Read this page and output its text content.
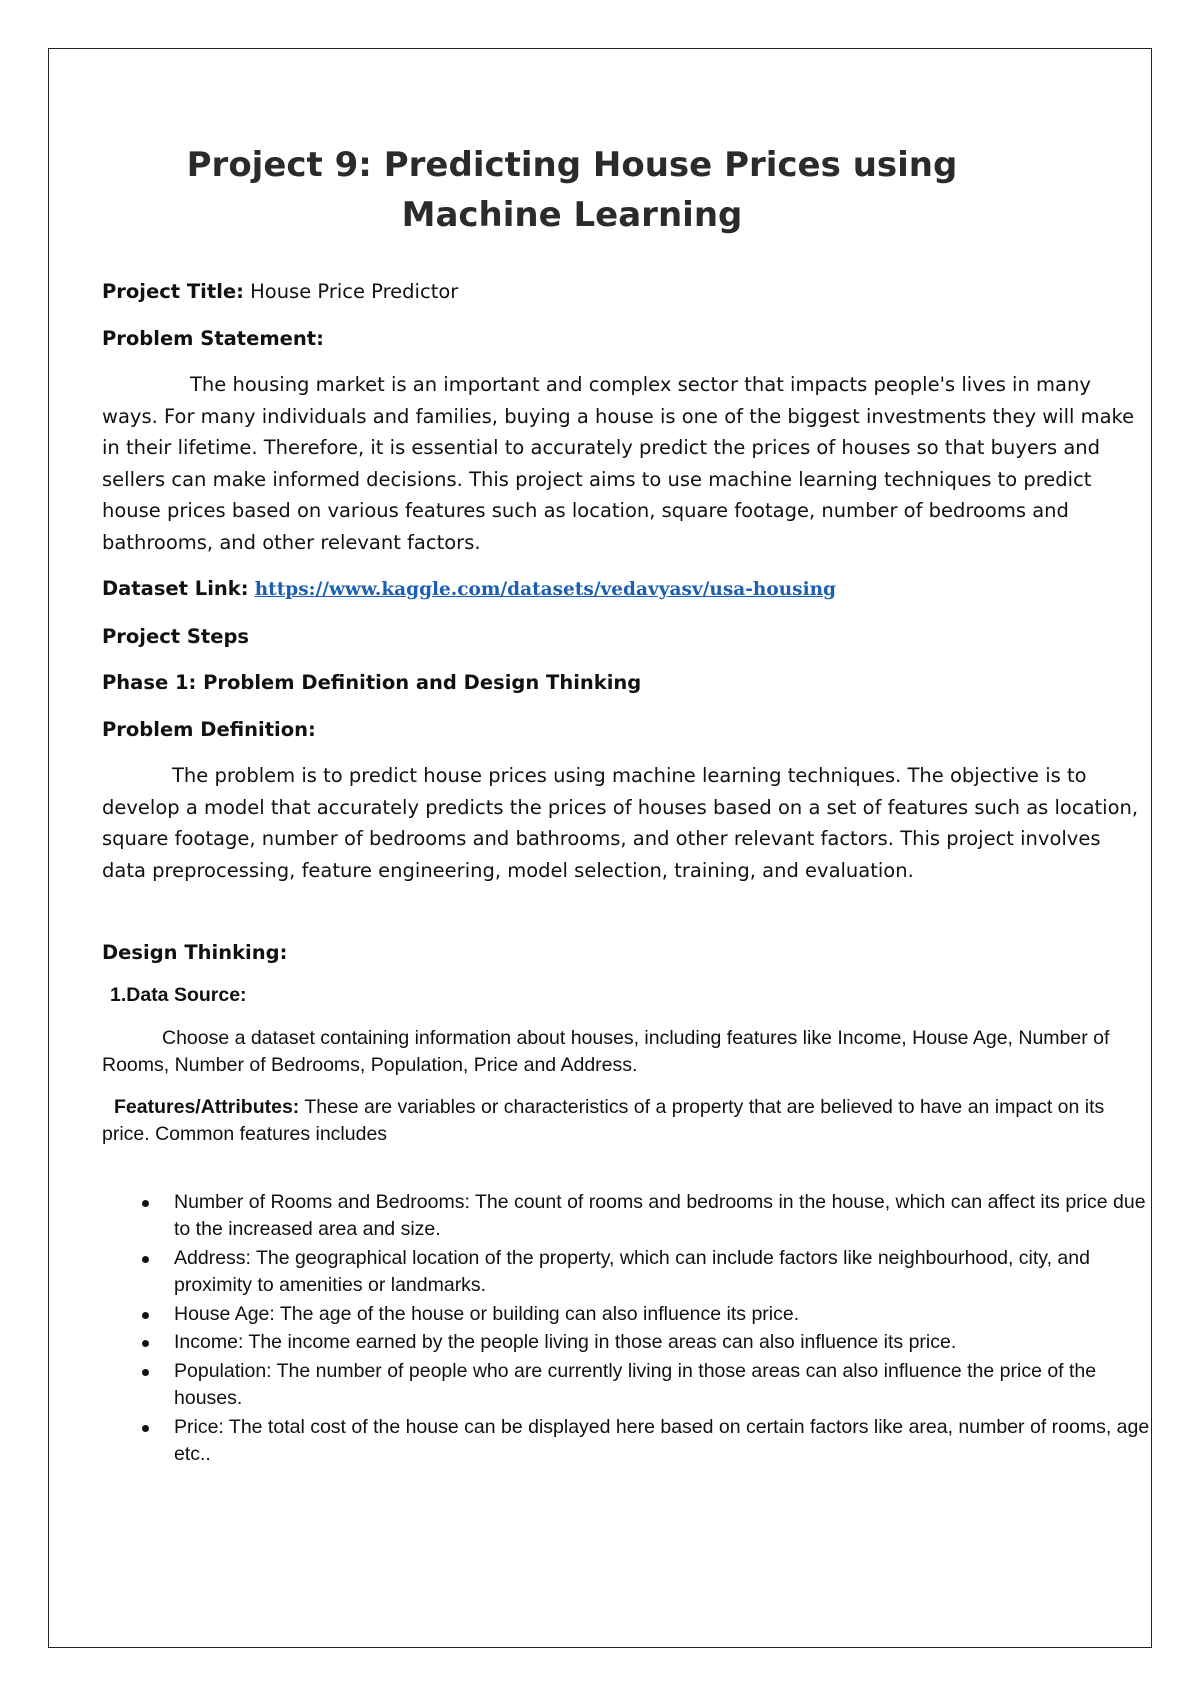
Project 9: Predicting House Prices using
Machine Learning

Project Title: House Price Predictor

Problem Statement:

The housing market is an important and complex sector that impacts people's lives in many ways. For many individuals and families, buying a house is one of the biggest investments they will make in their lifetime. Therefore, it is essential to accurately predict the prices of houses so that buyers and sellers can make informed decisions. This project aims to use machine learning techniques to predict house prices based on various features such as location, square footage, number of bedrooms and bathrooms, and other relevant factors.

Dataset Link: https://www.kaggle.com/datasets/vedavyasv/usa-housing

Project Steps

Phase 1: Problem Definition and Design Thinking

Problem Definition:

The problem is to predict house prices using machine learning techniques. The objective is to develop a model that accurately predicts the prices of houses based on a set of features such as location, square footage, number of bedrooms and bathrooms, and other relevant factors. This project involves data preprocessing, feature engineering, model selection, training, and evaluation.

Design Thinking:

1.Data Source:

Choose a dataset containing information about houses, including features like Income, House Age, Number of Rooms, Number of Bedrooms, Population, Price and Address.

Features/Attributes: These are variables or characteristics of a property that are believed to have an impact on its price. Common features includes

Number of Rooms and Bedrooms: The count of rooms and bedrooms in the house, which can affect its price due to the increased area and size.
Address: The geographical location of the property, which can include factors like neighbourhood, city, and proximity to amenities or landmarks.
House Age: The age of the house or building can also influence its price.
Income: The income earned by the people living in those areas can also influence its price.
Population: The number of people who are currently living in those areas can also influence the price of the houses.
Price: The total cost of the house can be displayed here based on certain factors like area, number of rooms, age etc..
